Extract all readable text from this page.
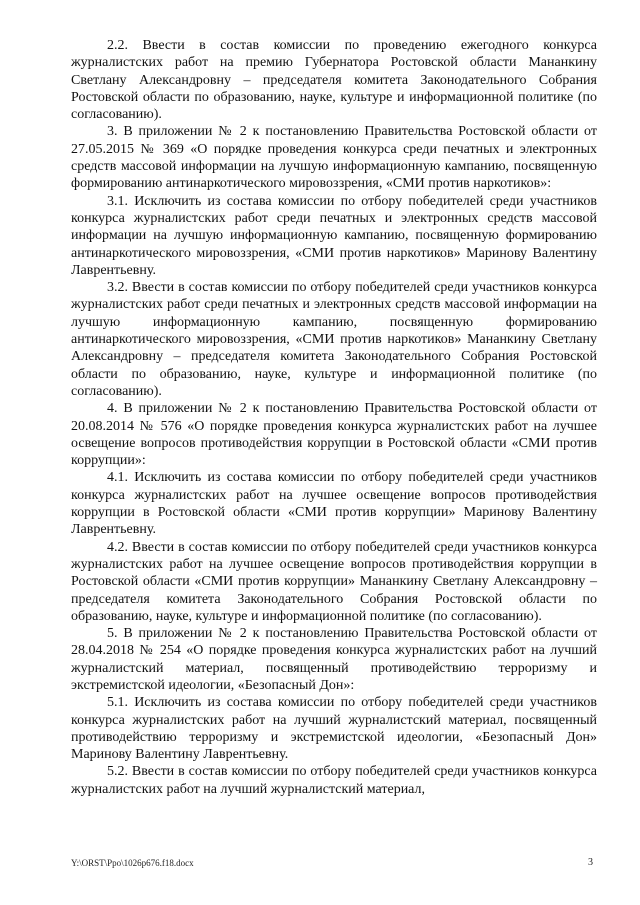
2.2. Ввести в состав комиссии по проведению ежегодного конкурса журналистских работ на премию Губернатора Ростовской области Мананкину Светлану Александровну – председателя комитета Законодательного Собрания Ростовской области по образованию, науке, культуре и информационной политике (по согласованию).

3. В приложении № 2 к постановлению Правительства Ростовской области от 27.05.2015 № 369 «О порядке проведения конкурса среди печатных и электронных средств массовой информации на лучшую информационную кампанию, посвященную формированию антинаркотического мировоззрения, «СМИ против наркотиков»:

3.1. Исключить из состава комиссии по отбору победителей среди участников конкурса журналистских работ среди печатных и электронных средств массовой информации на лучшую информационную кампанию, посвященную формированию антинаркотического мировоззрения, «СМИ против наркотиков» Маринову Валентину Лаврентьевну.

3.2. Ввести в состав комиссии по отбору победителей среди участников конкурса журналистских работ среди печатных и электронных средств массовой информации на лучшую информационную кампанию, посвященную формированию антинаркотического мировоззрения, «СМИ против наркотиков» Мананкину Светлану Александровну – председателя комитета Законодательного Собрания Ростовской области по образованию, науке, культуре и информационной политике (по согласованию).

4. В приложении № 2 к постановлению Правительства Ростовской области от 20.08.2014 № 576 «О порядке проведения конкурса журналистских работ на лучшее освещение вопросов противодействия коррупции в Ростовской области «СМИ против коррупции»:

4.1. Исключить из состава комиссии по отбору победителей среди участников конкурса журналистских работ на лучшее освещение вопросов противодействия коррупции в Ростовской области «СМИ против коррупции» Маринову Валентину Лаврентьевну.

4.2. Ввести в состав комиссии по отбору победителей среди участников конкурса журналистских работ на лучшее освещение вопросов противодействия коррупции в Ростовской области «СМИ против коррупции» Мананкину Светлану Александровну – председателя комитета Законодательного Собрания Ростовской области по образованию, науке, культуре и информационной политике (по согласованию).

5. В приложении № 2 к постановлению Правительства Ростовской области от 28.04.2018 № 254 «О порядке проведения конкурса журналистских работ на лучший журналистский материал, посвященный противодействию терроризму и экстремистской идеологии, «Безопасный Дон»:

5.1. Исключить из состава комиссии по отбору победителей среди участников конкурса журналистских работ на лучший журналистский материал, посвященный противодействию терроризму и экстремистской идеологии, «Безопасный Дон» Маринову Валентину Лаврентьевну.

5.2. Ввести в состав комиссии по отбору победителей среди участников конкурса журналистских работ на лучший журналистский материал,

Y:\ORST\Ppo\1026p676.f18.docx	3
